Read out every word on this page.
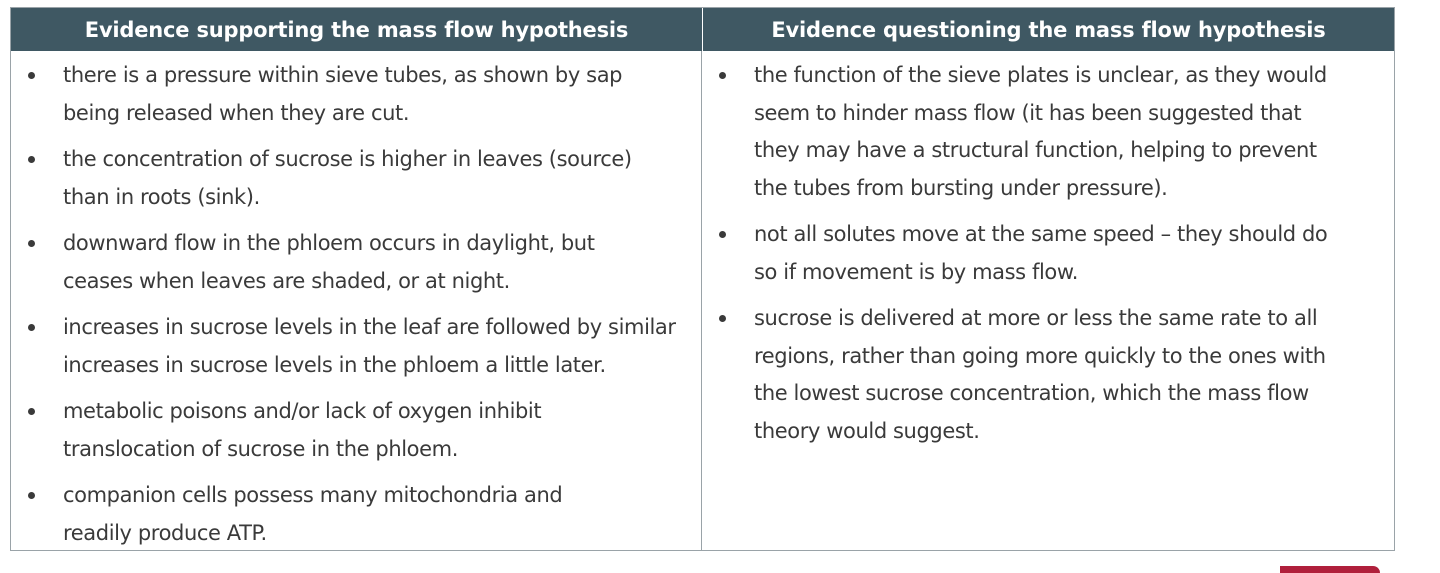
Evidence supporting the mass flow hypothesis	Evidence questioning the mass flow hypothesis
there is a pressure within sieve tubes, as shown by sap
being released when they are cut.
the concentration of sucrose is higher in leaves (source)
than in roots (sink).
downward flow in the phloem occurs in daylight, but
ceases when leaves are shaded, or at night.
increases in sucrose levels in the leaf are followed by similar
increases in sucrose levels in the phloem a little later.
metabolic poisons and/or lack of oxygen inhibit
translocation of sucrose in the phloem.
companion cells possess many mitochondria and
readily produce ATP.
the function of the sieve plates is unclear, as they would
seem to hinder mass flow (it has been suggested that
they may have a structural function, helping to prevent
the tubes from bursting under pressure).
not all solutes move at the same speed – they should do
so if movement is by mass flow.
sucrose is delivered at more or less the same rate to all
regions, rather than going more quickly to the ones with
the lowest sucrose concentration, which the mass flow
theory would suggest.
